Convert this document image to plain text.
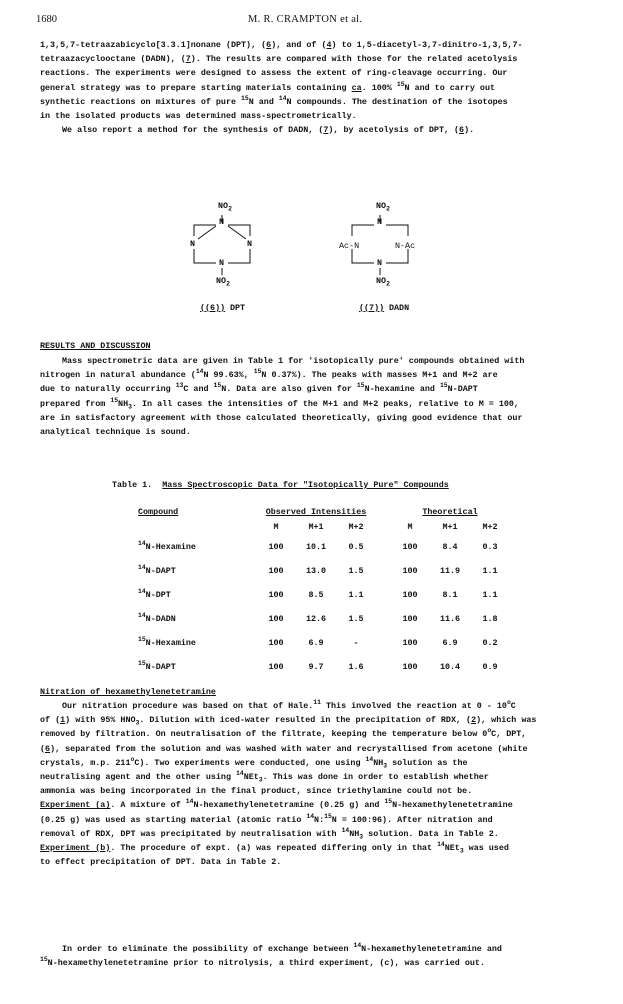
1680	M. R. CRAMPTON et al.
1,3,5,7-tetraazabicyclo[3.3.1]nonane (DPT), (6), and of (4) to 1,5-diacetyl-3,7-dinitro-1,3,5,7-
tetraazacyclooctane (DADN), (7). The results are compared with those for the related acetolysis
reactions. The experiments were designed to assess the extent of ring-cleavage occurring. Our
general strategy was to prepare starting materials containing ca. 100% $^{15}$N and to carry out
synthetic reactions on mixtures of pure $^{15}$N and $^{14}$N compounds. The destination of the isotopes
in the isolated products was determined mass-spectrometrically.
We also report a method for the synthesis of DADN, (7), by acetolysis of DPT, (6).
$NO_2$
N
N	N
N
$NO_2$
((6)) DPT
$NO_2$
N
Ac-N	N-Ac
N
$NO_2$
((7)) DADN
RESULTS AND DISCUSSION
Mass spectrometric data are given in Table 1 for 'isotopically pure' compounds obtained with
nitrogen in natural abundance ($^{14}$N 99.63%, $^{15}$N 0.37%). The peaks with masses M+1 and M+2 are
due to naturally occurring $^{13}$C and $^{15}$N. Data are also given for $^{15}$N-hexamine and $^{15}$N-DAPT
prepared from $^{15}NH_3$. In all cases the intensities of the M+1 and M+2 peaks, relative to M = 100,
are in satisfactory agreement with those calculated theoretically, giving good evidence that our
analytical technique is sound.
Table 1. Mass Spectroscopic Data for "Isotopically Pure" Compounds
Compound	Observed Intensities				Theoretical		
	M	M+1	M+2		M	M+1	M+2
$^{14}$N-Hexamine	100	10.1	0.5		100	8.4	0.3
$^{14}$N-DAPT	100	13.0	1.5		100	11.9	1.1
$^{14}$N-DPT	100	8.5	1.1		100	8.1	1.1
$^{14}$N-DADN	100	12.6	1.5		100	11.6	1.8
$^{15}$N-Hexamine	100	6.9	-		100	6.9	0.2
$^{15}$N-DAPT	100	9.7	1.6		100	10.4	0.9
Nitration of hexamethylenetetramine
Our nitration procedure was based on that of Hale.$^{11}$ This involved the reaction at 0 - 10$^o$C
of (1) with 95% $HNO_3$. Dilution with iced-water resulted in the precipitation of RDX, (2), which was
removed by filtration. On neutralisation of the filtrate, keeping the temperature below 0$^o$C, DPT,
(6), separated from the solution and was washed with water and recrystallised from acetone (white
crystals, m.p. 211$^o$C). Two experiments were conducted, one using $^{14}NH_3$ solution as the
neutralising agent and the other using $^{14}$NEt$_3$. This was done in order to establish whether
ammonia was being incorporated in the final product, since triethylamine could not be.
Experiment (a). A mixture of $^{14}$N-hexamethylenetetramine (0.25 g) and $^{15}$N-hexamethylenetetramine
(0.25 g) was used as starting material (atomic ratio $^{14}$N:$^{15}$N = 100:96). After nitration and
removal of RDX, DPT was precipitated by neutralisation with $^{14}NH_3$ solution. Data in Table 2.
Experiment (b). The procedure of expt. (a) was repeated differing only in that $^{14}$NEt$_3$ was used
to effect precipitation of DPT. Data in Table 2.
In order to eliminate the possibility of exchange between $^{14}$N-hexamethylenetetramine and
$^{15}$N-hexamethylenetetramine prior to nitrolysis, a third experiment, (c), was carried out.
